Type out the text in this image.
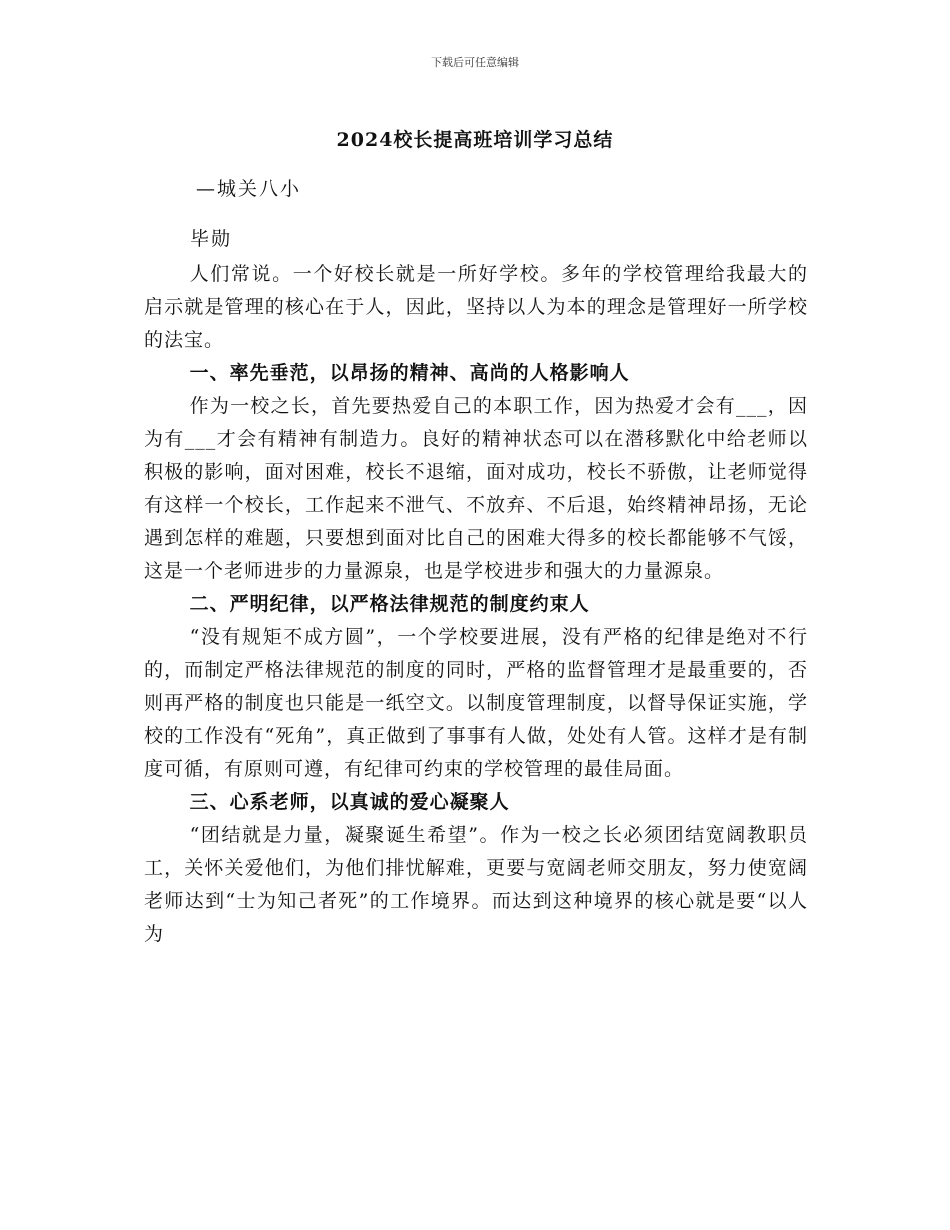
下载后可任意编辑
2024校长提高班培训学习总结
—城关八小
毕勋

人们常说。一个好校长就是一所好学校。多年的学校管理给我最大的启示就是管理的核心在于人，因此，坚持以人为本的理念是管理好一所学校的法宝。

一、率先垂范，以昂扬的精神、高尚的人格影响人

作为一校之长，首先要热爱自己的本职工作，因为热爱才会有___，因为有___才会有精神有制造力。良好的精神状态可以在潜移默化中给老师以积极的影响，面对困难，校长不退缩，面对成功，校长不骄傲，让老师觉得有这样一个校长，工作起来不泄气、不放弃、不后退，始终精神昂扬，无论遇到怎样的难题，只要想到面对比自己的困难大得多的校长都能够不气馁，这是一个老师进步的力量源泉，也是学校进步和强大的力量源泉。

二、严明纪律，以严格法律规范的制度约束人

“没有规矩不成方圆”，一个学校要进展，没有严格的纪律是绝对不行的，而制定严格法律规范的制度的同时，严格的监督管理才是最重要的，否则再严格的制度也只能是一纸空文。以制度管理制度，以督导保证实施，学校的工作没有“死角”，真正做到了事事有人做，处处有人管。这样才是有制度可循，有原则可遵，有纪律可约束的学校管理的最佳局面。

三、心系老师，以真诚的爱心凝聚人

“团结就是力量，凝聚诞生希望”。作为一校之长必须团结宽阔教职员工，关怀关爱他们，为他们排忧解难，更要与宽阔老师交朋友，努力使宽阔老师达到“士为知己者死”的工作境界。而达到这种境界的核心就是要“以人为
